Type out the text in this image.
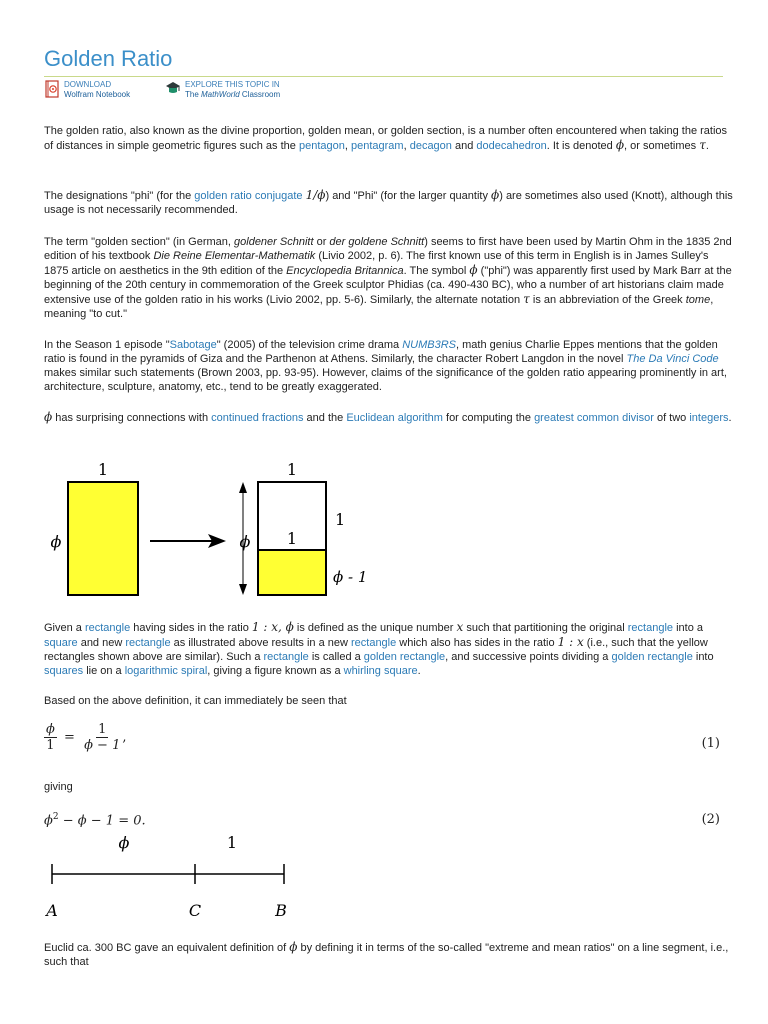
Golden Ratio
DOWNLOAD
Wolfram Notebook
EXPLORE THIS TOPIC IN
The MathWorld Classroom

The golden ratio, also known as the divine proportion, golden mean, or golden section, is a number often encountered when taking the ratios of distances in simple geometric figures such as the pentagon, pentagram, decagon and dodecahedron. It is denoted ϕ, or sometimes τ.

The designations "phi" (for the golden ratio conjugate 1/ϕ) and "Phi" (for the larger quantity ϕ) are sometimes also used (Knott), although this usage is not necessarily recommended.

The term "golden section" (in German, goldener Schnitt or der goldene Schnitt) seems to first have been used by Martin Ohm in the 1835 2nd edition of his textbook Die Reine Elementar-Mathematik (Livio 2002, p. 6). The first known use of this term in English is in James Sulley's 1875 article on aesthetics in the 9th edition of the Encyclopedia Britannica. The symbol ϕ ("phi") was apparently first used by Mark Barr at the beginning of the 20th century in commemoration of the Greek sculptor Phidias (ca. 490-430 BC), who a number of art historians claim made extensive use of the golden ratio in his works (Livio 2002, pp. 5-6). Similarly, the alternate notation τ is an abbreviation of the Greek tome, meaning "to cut."

In the Season 1 episode "Sabotage" (2005) of the television crime drama NUMB3RS, math genius Charlie Eppes mentions that the golden ratio is found in the pyramids of Giza and the Parthenon at Athens. Similarly, the character Robert Langdon in the novel The Da Vinci Code makes similar such statements (Brown 2003, pp. 93-95). However, claims of the significance of the golden ratio appearing prominently in art, architecture, sculpture, anatomy, etc., tend to be greatly exaggerated.

ϕ has surprising connections with continued fractions and the Euclidean algorithm for computing the greatest common divisor of two integers.

1
ϕ
1
ϕ 1
1
ϕ - 1

Given a rectangle having sides in the ratio 1 : x, ϕ is defined as the unique number x such that partitioning the original rectangle into a square and new rectangle as illustrated above results in a new rectangle which also has sides in the ratio 1 : x (i.e., such that the yellow rectangles shown above are similar). Such a rectangle is called a golden rectangle, and successive points dividing a golden rectangle into squares lie on a logarithmic spiral, giving a figure known as a whirling square.

Based on the above definition, it can immediately be seen that

$\frac{\phi}{1} = \frac{1}{\phi - 1}$ ,	(1)

giving

$\phi^2 - \phi - 1 = 0$.	(2)
ϕ	1
A	C	B

Euclid ca. 300 BC gave an equivalent definition of ϕ by defining it in terms of the so-called "extreme and mean ratios" on a line segment, i.e., such that
